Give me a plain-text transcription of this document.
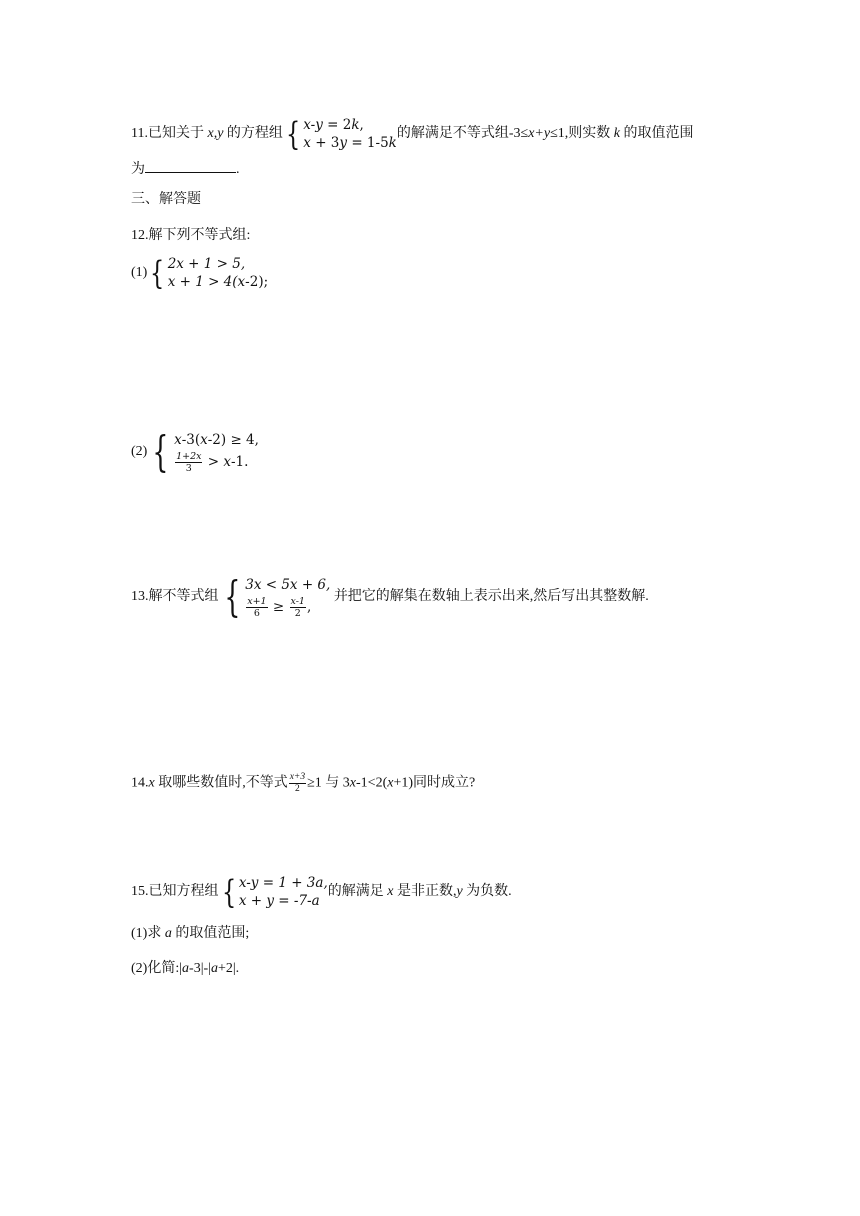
11.已知关于 x,y 的方程组 { x-y = 2k,
x + 3y = 1-5k
的解满足不等式组-3≤x+y≤1,则实数 k 的取值范围
为	.
三、解答题
12.解下列不等式组:
(1) { 2x + 1 > 5,
x + 1 > 4(x-2);
(2) { x-3(x-2) ≥ 4,
$\frac{1+2x}{3} > x-1$.
13.解不等式组 { 3x < 5x + 6,
$\frac{x+1}{6} \ge \frac{x-1}{2}$ ,
并把它的解集在数轴上表示出来,然后写出其整数解.
14.x 取哪些数值时,不等式 $\frac{x+3}{2} \ge 1$ 与 3x-1<2(x+1)同时成立?
15.已知方程组 { x-y = 1 + 3a,
x + y = -7-a
的解满足 x 是非正数,y 为负数.
(1)求 a 的取值范围;
(2)化简:|a-3|-|a+2|.
